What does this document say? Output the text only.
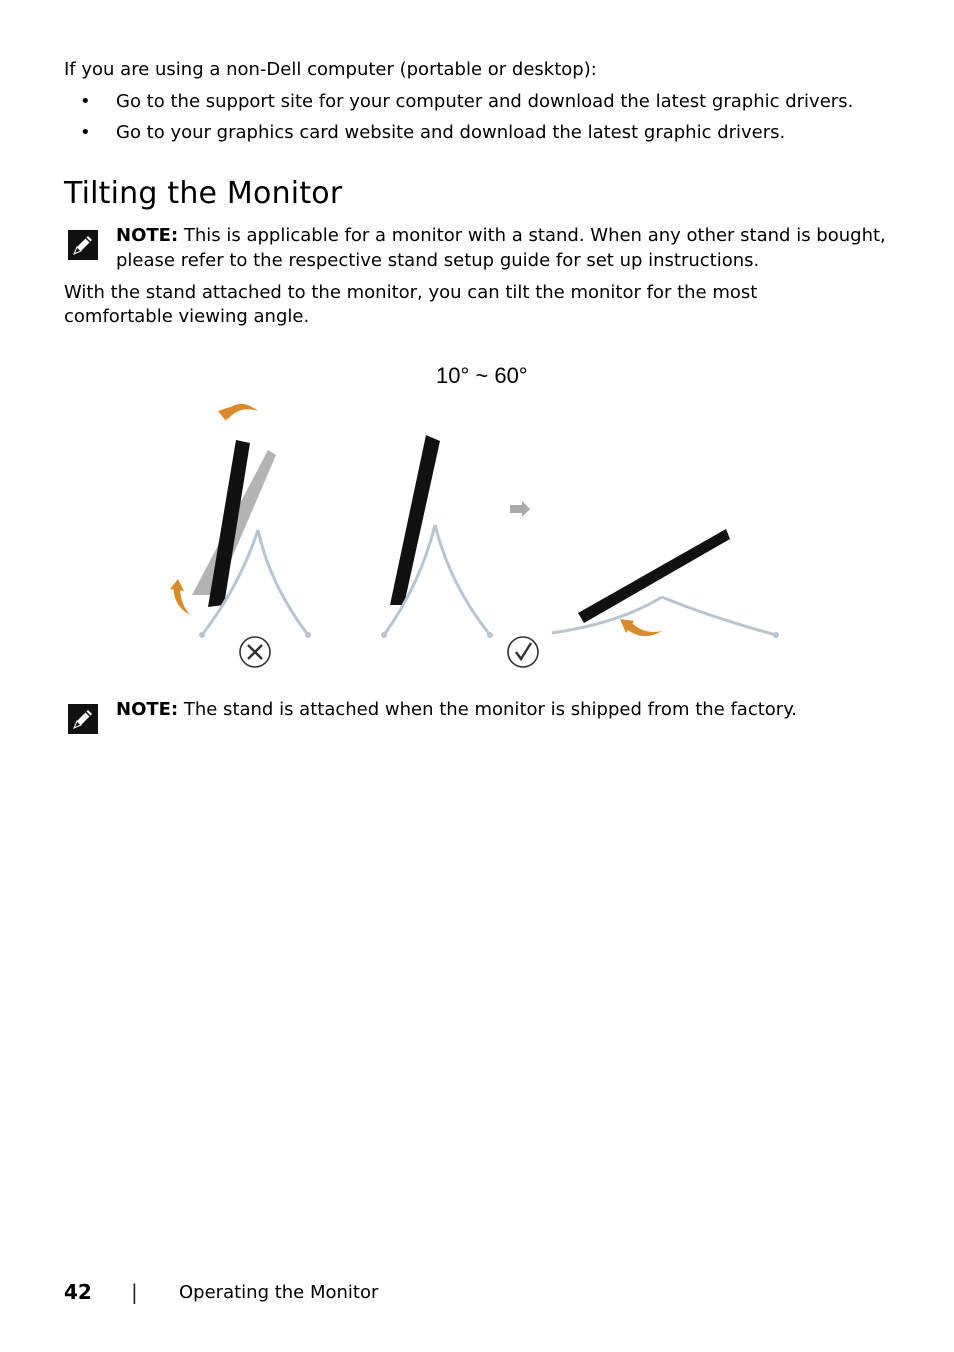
If you are using a non-Dell computer (portable or desktop):

• Go to the support site for your computer and download the latest graphic drivers.
• Go to your graphics card website and download the latest graphic drivers.
Tilting the Monitor
NOTE: This is applicable for a monitor with a stand. When any other stand is bought, please refer to the respective stand setup guide for set up instructions.

With the stand attached to the monitor, you can tilt the monitor for the most comfortable viewing angle.

10° ~ 60°
NOTE: The stand is attached when the monitor is shipped from the factory.
42 | Operating the Monitor
